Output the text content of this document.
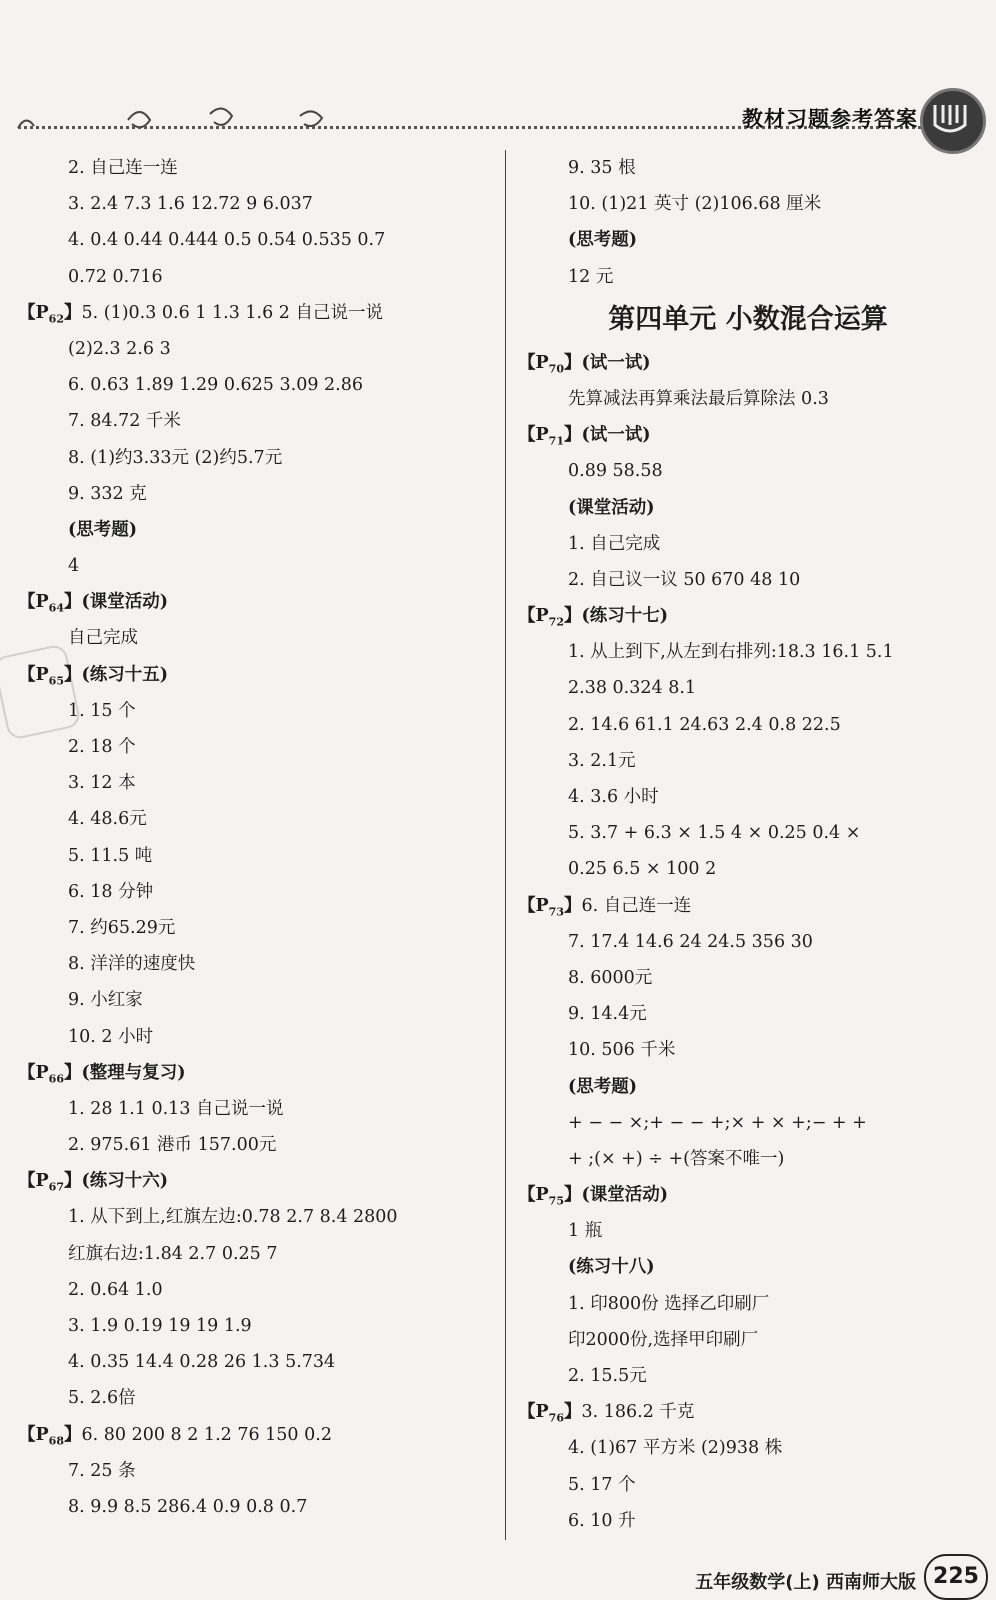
教材习题参考答案
2. 自己连一连
3. 2.4 7.3 1.6 12.72 9 6.037
4. 0.4 0.44 0.444 0.5 0.54 0.535 0.7
0.72 0.716
【$P_{62}$】5. (1)0.3 0.6 1 1.3 1.6 2 自己说一说
(2)2.3 2.6 3
6. 0.63 1.89 1.29 0.625 3.09 2.86
7. 84.72 千米
8. (1)约3.33元 (2)约5.7元
9. 332 克
(思考题)
4
【$P_{64}$】(课堂活动)
自己完成
【$P_{65}$】(练习十五)
1. 15 个
2. 18 个
3. 12 本
4. 48.6元
5. 11.5 吨
6. 18 分钟
7. 约65.29元
8. 洋洋的速度快
9. 小红家
10. 2 小时
【$P_{66}$】(整理与复习)
1. 28 1.1 0.13 自己说一说
2. 975.61 港币 157.00元
【$P_{67}$】(练习十六)
1. 从下到上,红旗左边:0.78 2.7 8.4 2800
红旗右边:1.84 2.7 0.25 7
2. 0.64 1.0
3. 1.9 0.19 19 19 1.9
4. 0.35 14.4 0.28 26 1.3 5.734
5. 2.6倍
【$P_{68}$】6. 80 200 8 2 1.2 76 150 0.2
7. 25 条
8. 9.9 8.5 286.4 0.9 0.8 0.7
9. 35 根
10. (1)21 英寸 (2)106.68 厘米
(思考题)
12 元
第四单元 小数混合运算
【$P_{70}$】(试一试)
先算减法再算乘法最后算除法 0.3
【$P_{71}$】(试一试)
0.89 58.58
(课堂活动)
1. 自己完成
2. 自己议一议 50 670 48 10
【$P_{72}$】(练习十七)
1. 从上到下,从左到右排列:18.3 16.1 5.1
2.38 0.324 8.1
2. 14.6 61.1 24.63 2.4 0.8 22.5
3. 2.1元
4. 3.6 小时
5. 3.7 + 6.3 × 1.5 4 × 0.25 0.4 ×
0.25 6.5 × 100 2
【$P_{73}$】6. 自己连一连
7. 17.4 14.6 24 24.5 356 30
8. 6000元
9. 14.4元
10. 506 千米
(思考题)
+ − − ×;+ − − +;× + × +;− + +
+ ;(× +) ÷ +(答案不唯一)
【$P_{75}$】(课堂活动)
1 瓶
(练习十八)
1. 印800份 选择乙印刷厂
印2000份,选择甲印刷厂
2. 15.5元
【$P_{76}$】3. 186.2 千克
4. (1)67 平方米 (2)938 株
5. 17 个
6. 10 升
五年级数学(上) 西南师大版 225
